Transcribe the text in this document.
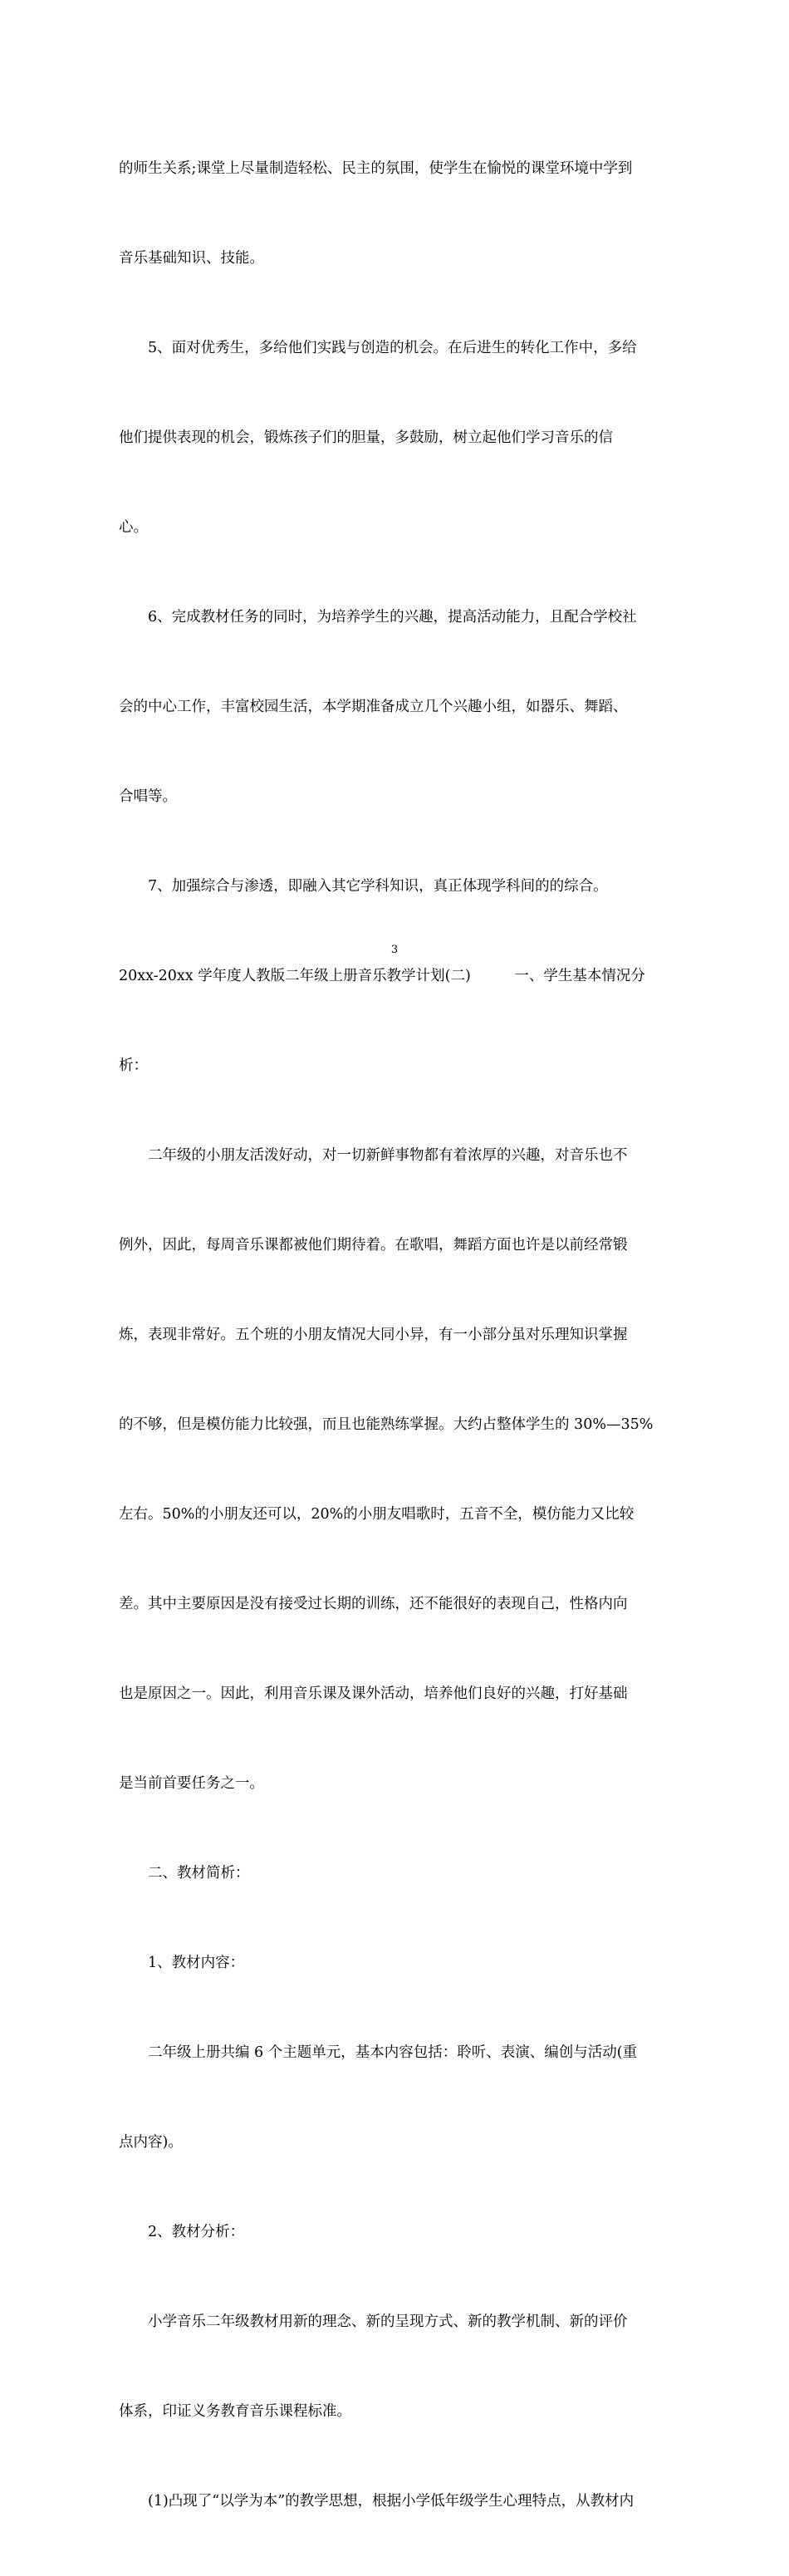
的师生关系;课堂上尽量制造轻松、民主的氛围，使学生在愉悦的课堂环境中学到

音乐基础知识、技能。

　　5、面对优秀生，多给他们实践与创造的机会。在后进生的转化工作中，多给

他们提供表现的机会，锻炼孩子们的胆量，多鼓励，树立起他们学习音乐的信

心。

　　6、完成教材任务的同时，为培养学生的兴趣，提高活动能力，且配合学校社

会的中心工作，丰富校园生活，本学期准备成立几个兴趣小组，如器乐、舞蹈、

合唱等。

　　7、加强综合与渗透，即融入其它学科知识，真正体现学科间的的综合。

20xx-20xx 学年度人教版二年级上册音乐教学计划(二)　　　一、学生基本情况分

析：

　　二年级的小朋友活泼好动，对一切新鲜事物都有着浓厚的兴趣，对音乐也不

例外，因此，每周音乐课都被他们期待着。在歌唱，舞蹈方面也许是以前经常锻

炼，表现非常好。五个班的小朋友情况大同小异，有一小部分虽对乐理知识掌握

的不够，但是模仿能力比较强，而且也能熟练掌握。大约占整体学生的 30%—35%

左右。50%的小朋友还可以，20%的小朋友唱歌时，五音不全，模仿能力又比较

差。其中主要原因是没有接受过长期的训练，还不能很好的表现自己，性格内向

也是原因之一。因此，利用音乐课及课外活动，培养他们良好的兴趣，打好基础

是当前首要任务之一。

　　二、教材简析：

　　1、教材内容：

　　二年级上册共编 6 个主题单元，基本内容包括：聆听、表演、编创与活动(重

点内容)。

　　2、教材分析：

　　小学音乐二年级教材用新的理念、新的呈现方式、新的教学机制、新的评价

体系，印证义务教育音乐课程标准。

　　(1)凸现了“以学为本”的教学思想，根据小学低年级学生心理特点，从教材内

3
